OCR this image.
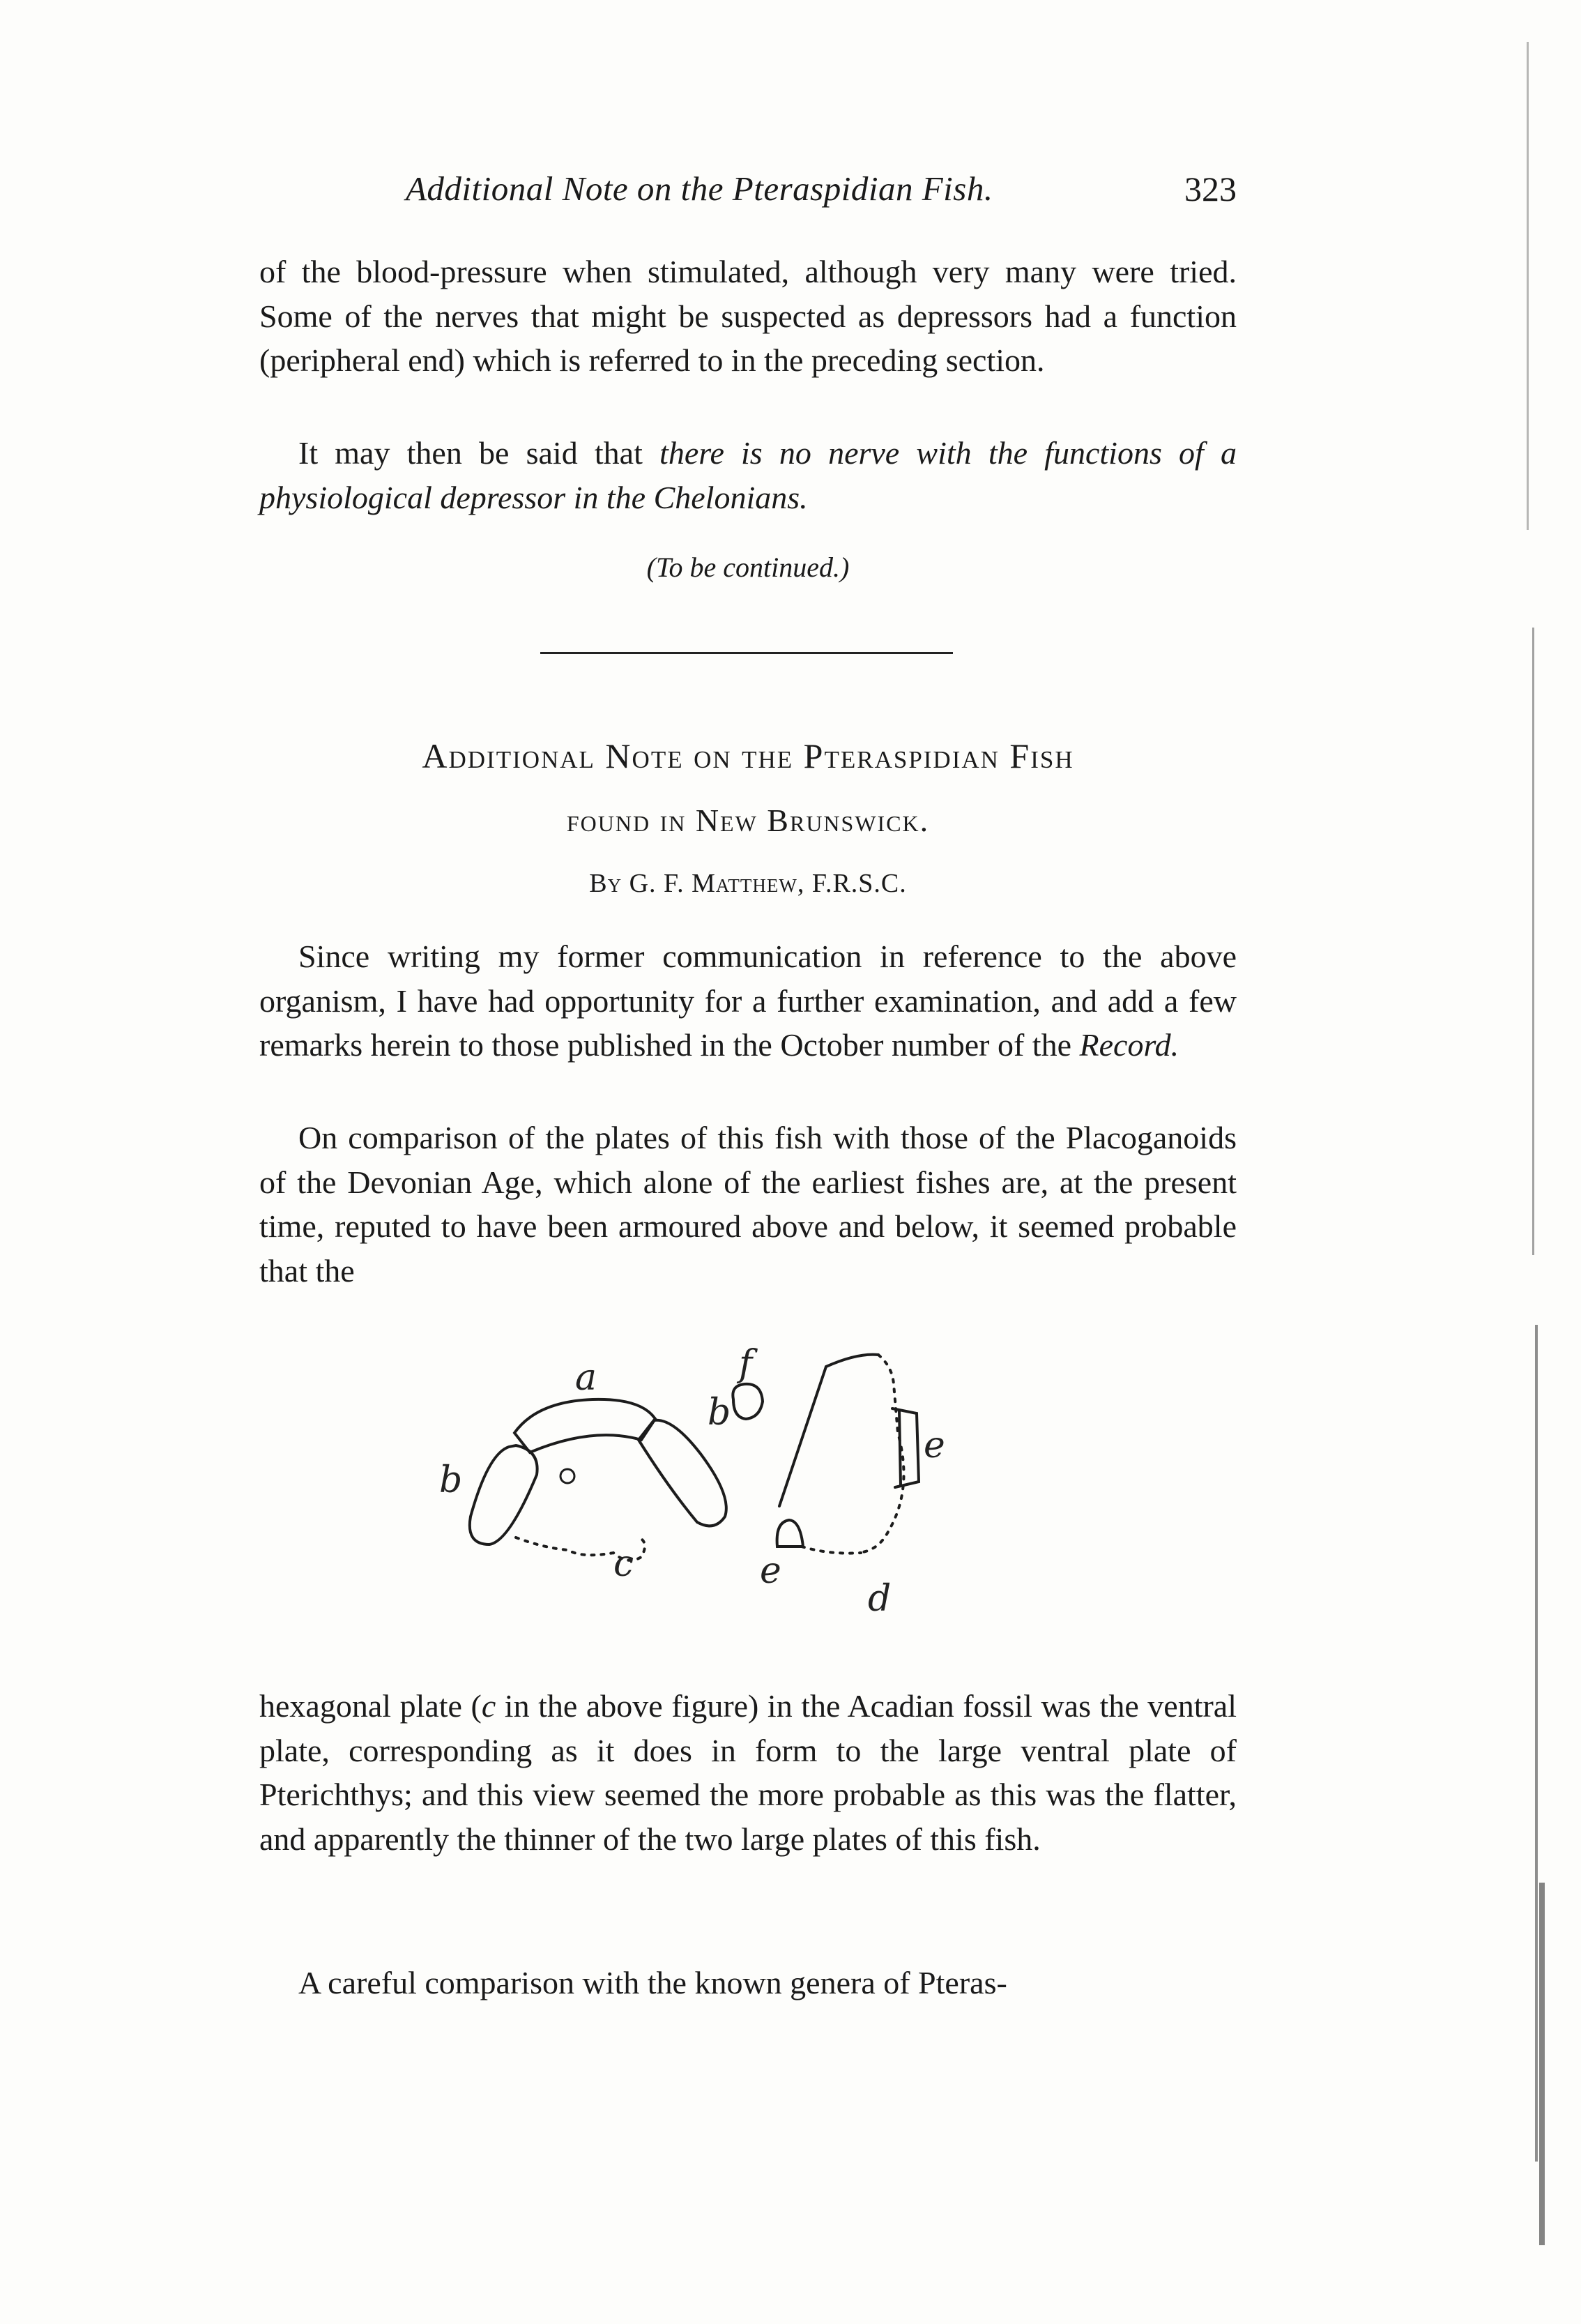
Additional Note on the Pteraspidian Fish.	323

of the blood-pressure when stimulated, although very many were tried. Some of the nerves that might be suspected as depressors had a function (peripheral end) which is referred to in the preceding section.

It may then be said that there is no nerve with the functions of a physiological depressor in the Chelonians.

(To be continued.)
Additional Note on the Pteraspidian Fish
found in New Brunswick.
By G. F. Matthew, F.R.S.C.

Since writing my former communication in reference to the above organism, I have had opportunity for a further examination, and add a few remarks herein to those published in the October number of the Record.

On comparison of the plates of this fish with those of the Placoganoids of the Devonian Age, which alone of the earliest fishes are, at the present time, reputed to have been armoured above and below, it seemed probable that the

a
b
b
c
d
e
e
f

hexagonal plate (c in the above figure) in the Acadian fossil was the ventral plate, corresponding as it does in form to the large ventral plate of Pterichthys; and this view seemed the more probable as this was the flatter, and apparently the thinner of the two large plates of this fish.

A careful comparison with the known genera of Pteras-
